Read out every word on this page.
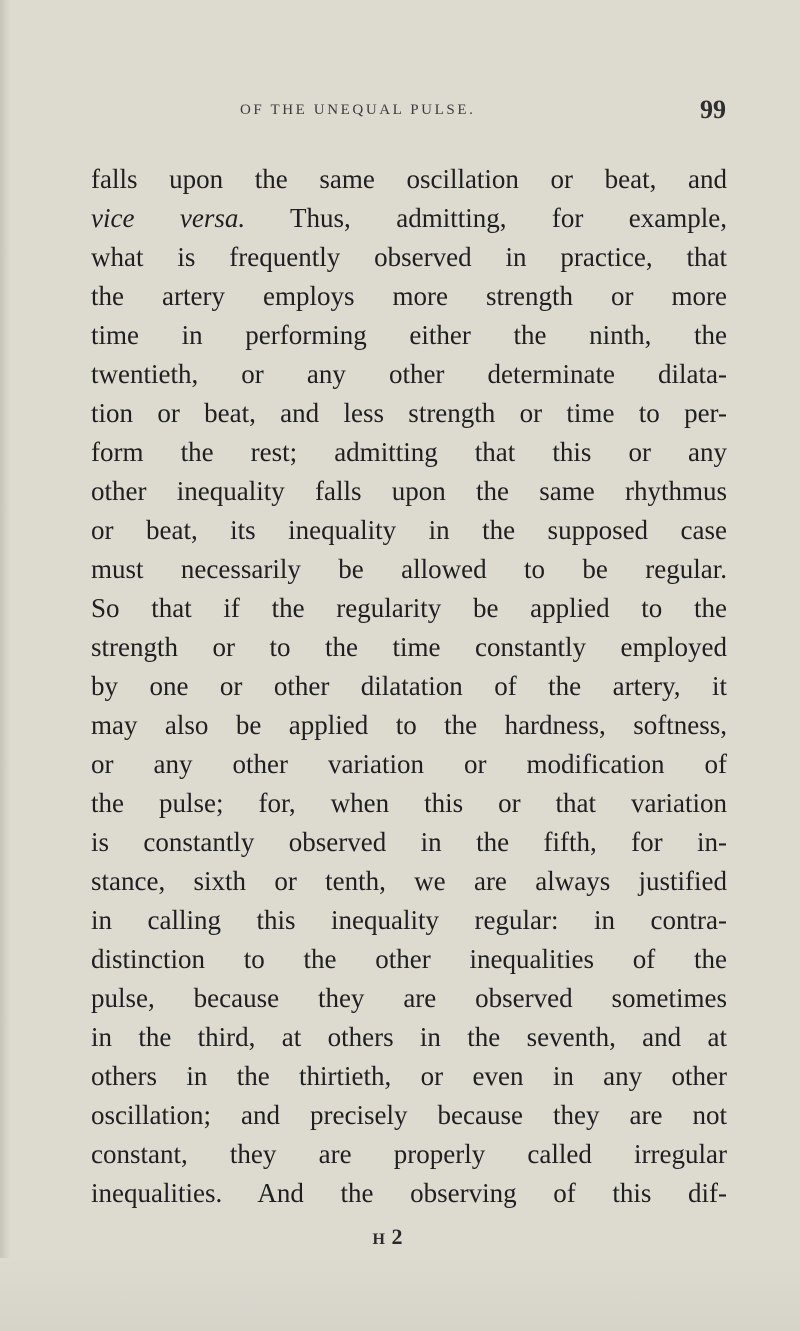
OF THE UNEQUAL PULSE.	99
falls upon the same oscillation or beat, and
vice versa. Thus, admitting, for example,
what is frequently observed in practice, that
the artery employs more strength or more
time in performing either the ninth, the
twentieth, or any other determinate dilata-
tion or beat, and less strength or time to per-
form the rest; admitting that this or any
other inequality falls upon the same rhythmus
or beat, its inequality in the supposed case
must necessarily be allowed to be regular.
So that if the regularity be applied to the
strength or to the time constantly employed
by one or other dilatation of the artery, it
may also be applied to the hardness, softness,
or any other variation or modification of
the pulse; for, when this or that variation
is constantly observed in the fifth, for in-
stance, sixth or tenth, we are always justified
in calling this inequality regular: in contra-
distinction to the other inequalities of the
pulse, because they are observed sometimes
in the third, at others in the seventh, and at
others in the thirtieth, or even in any other
oscillation; and precisely because they are not
constant, they are properly called irregular
inequalities. And the observing of this dif-
H 2
